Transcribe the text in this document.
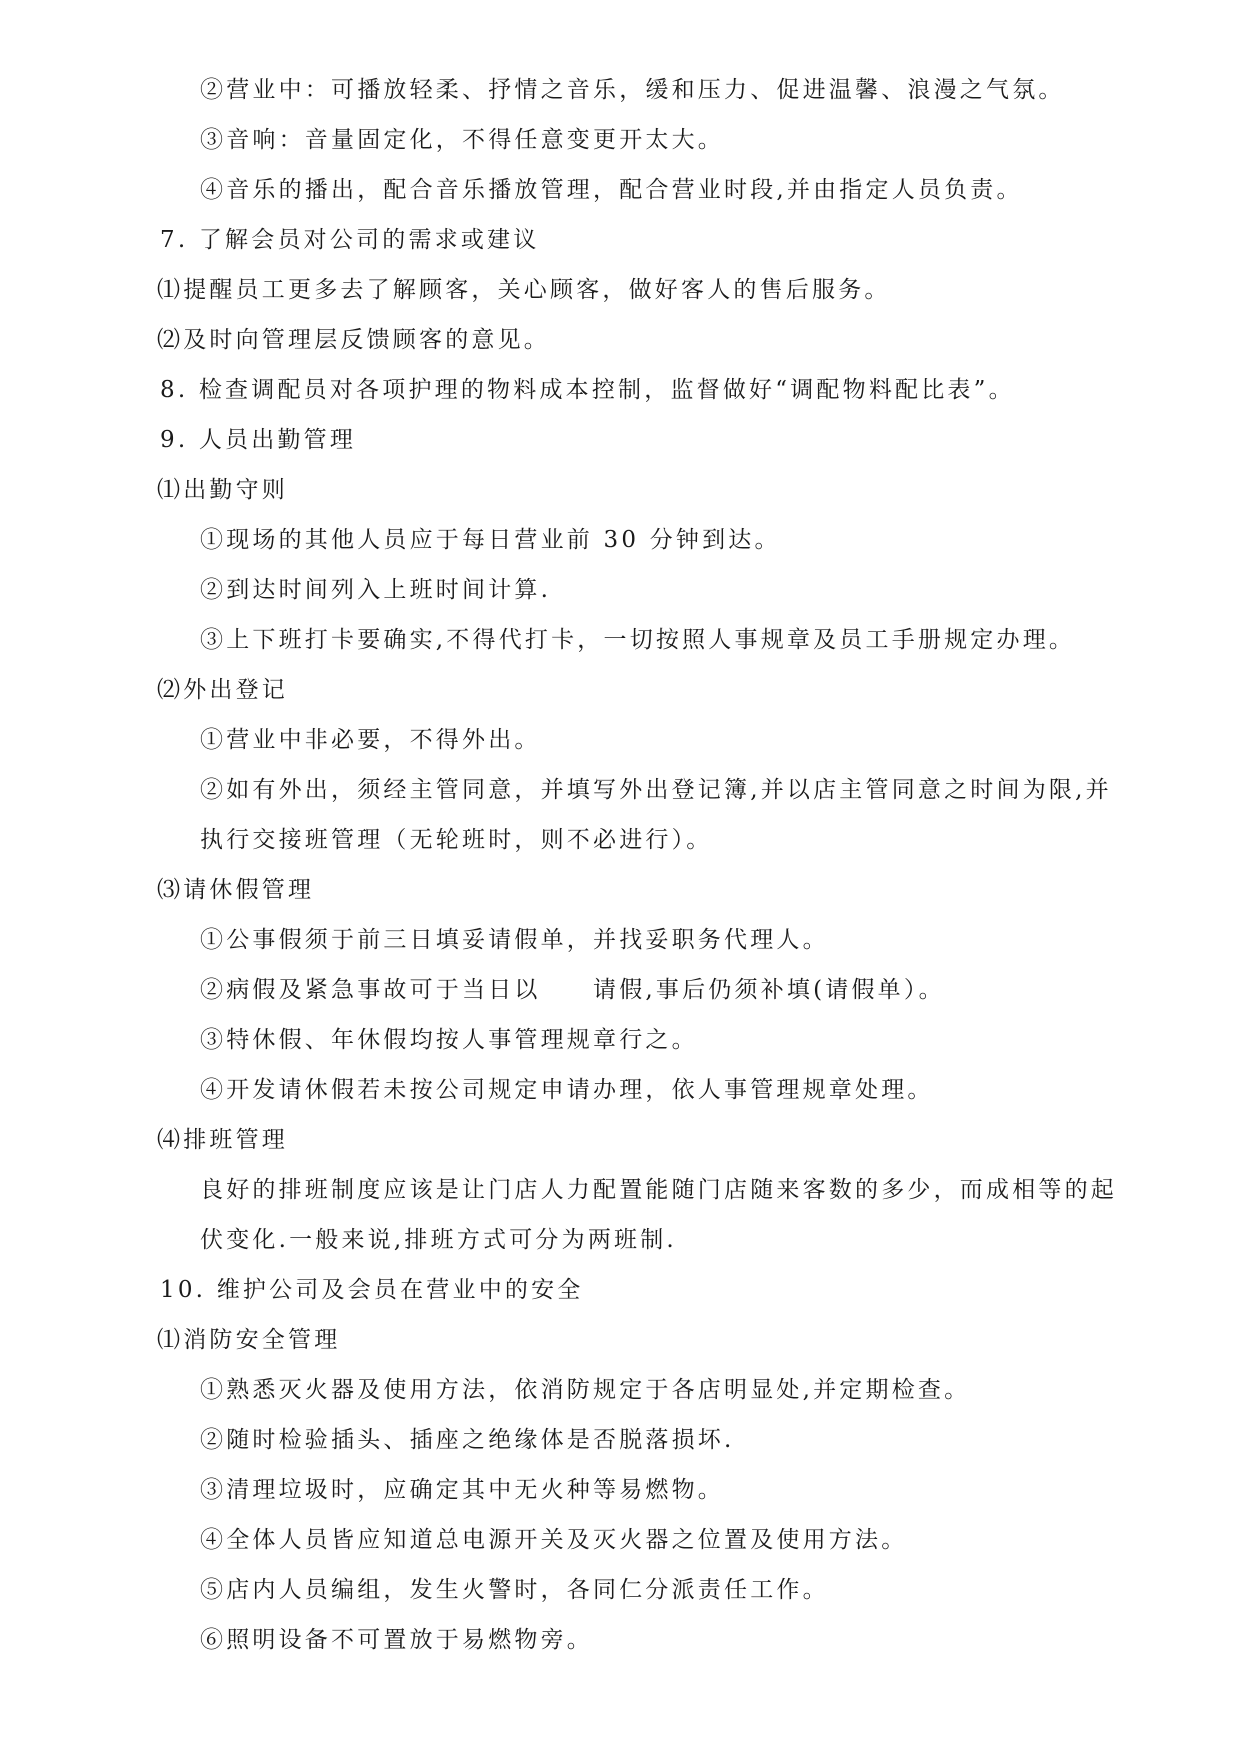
②营业中：可播放轻柔、抒情之音乐，缓和压力、促进温馨、浪漫之气氛。
③音响：音量固定化，不得任意变更开太大。
④音乐的播出，配合音乐播放管理，配合营业时段,并由指定人员负责。
7. 了解会员对公司的需求或建议
⑴提醒员工更多去了解顾客，关心顾客，做好客人的售后服务。
⑵及时向管理层反馈顾客的意见。
8. 检查调配员对各项护理的物料成本控制，监督做好“调配物料配比表”。
9. 人员出勤管理
⑴出勤守则
①现场的其他人员应于每日营业前 30 分钟到达。
②到达时间列入上班时间计算.
③上下班打卡要确实,不得代打卡，一切按照人事规章及员工手册规定办理。
⑵外出登记
①营业中非必要，不得外出。
②如有外出，须经主管同意，并填写外出登记簿,并以店主管同意之时间为限,并
执行交接班管理（无轮班时，则不必进行）。
⑶请休假管理
①公事假须于前三日填妥请假单，并找妥职务代理人。
②病假及紧急事故可于当日以　　请假,事后仍须补填(请假单）。
③特休假、年休假均按人事管理规章行之。
④开发请休假若未按公司规定申请办理，依人事管理规章处理。
⑷排班管理
良好的排班制度应该是让门店人力配置能随门店随来客数的多少，而成相等的起
伏变化.一般来说,排班方式可分为两班制.
10. 维护公司及会员在营业中的安全
⑴消防安全管理
①熟悉灭火器及使用方法，依消防规定于各店明显处,并定期检查。
②随时检验插头、插座之绝缘体是否脱落损坏.
③清理垃圾时，应确定其中无火种等易燃物。
④全体人员皆应知道总电源开关及灭火器之位置及使用方法。
⑤店内人员编组，发生火警时，各同仁分派责任工作。
⑥照明设备不可置放于易燃物旁。
